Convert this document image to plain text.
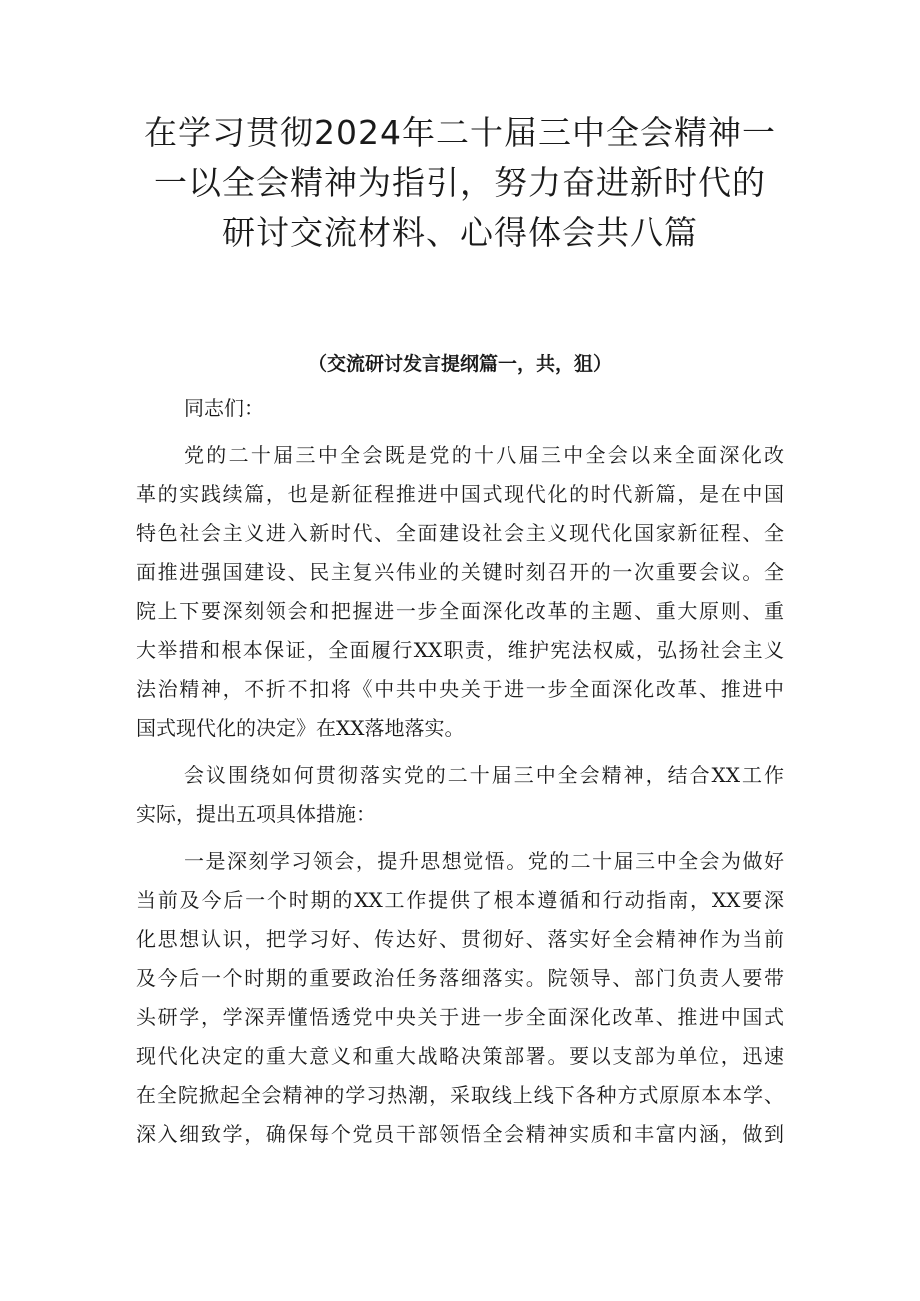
在学习贯彻2024年二十届三中全会精神一
一以全会精神为指引，努力奋进新时代的
研讨交流材料、心得体会共八篇

（交流研讨发言提纲篇一，共，狙）

同志们：

党的二十届三中全会既是党的十八届三中全会以来全面深化改
革的实践续篇，也是新征程推进中国式现代化的时代新篇，是在中国
特色社会主义进入新时代、全面建设社会主义现代化国家新征程、全
面推进强国建设、民主复兴伟业的关键时刻召开的一次重要会议。全
院上下要深刻领会和把握进一步全面深化改革的主题、重大原则、重
大举措和根本保证，全面履行XX职责，维护宪法权威，弘扬社会主义
法治精神，不折不扣将《中共中央关于进一步全面深化改革、推进中
国式现代化的决定》在XX落地落实。
会议围绕如何贯彻落实党的二十届三中全会精神，结合XX工作
实际，提出五项具体措施：
一是深刻学习领会，提升思想觉悟。党的二十届三中全会为做好
当前及今后一个时期的XX工作提供了根本遵循和行动指南，XX要深
化思想认识，把学习好、传达好、贯彻好、落实好全会精神作为当前
及今后一个时期的重要政治任务落细落实。院领导、部门负责人要带
头研学，学深弄懂悟透党中央关于进一步全面深化改革、推进中国式
现代化决定的重大意义和重大战略决策部署。要以支部为单位，迅速
在全院掀起全会精神的学习热潮，采取线上线下各种方式原原本本学、
深入细致学，确保每个党员干部领悟全会精神实质和丰富内涵，做到
